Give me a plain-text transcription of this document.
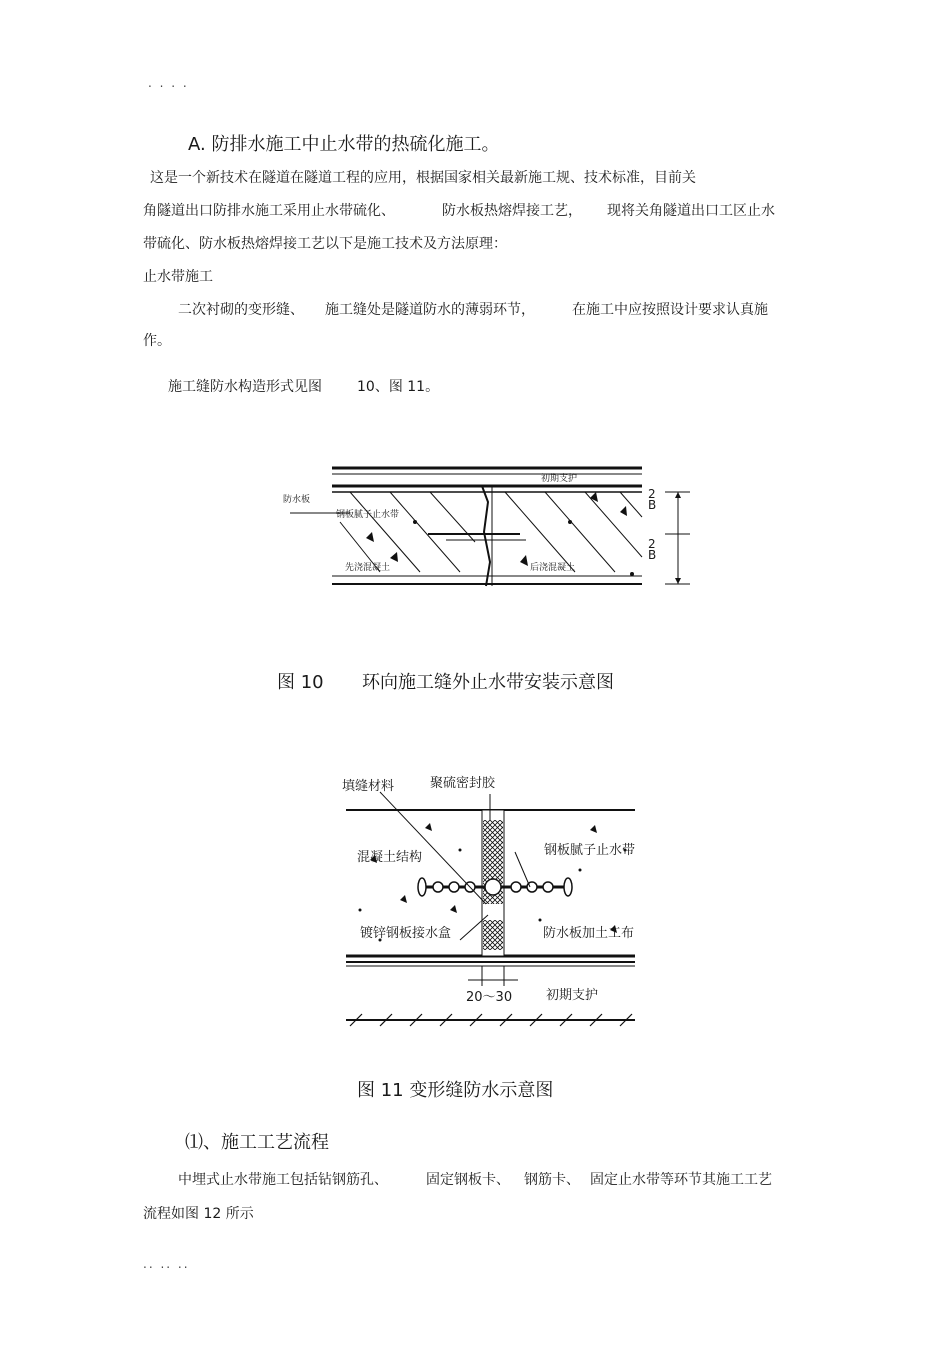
. . . .
A. 防排水施工中止水带的热硫化施工。
这是一个新技术在隧道在隧道工程的应用，根据国家相关最新施工规、技术标准，目前关
角隧道出口防排水施工采用止水带硫化、	防水板热熔焊接工艺， 现将关角隧道出口工区止水
带硫化、防水板热熔焊接工艺以下是施工技术及方法原理：
止水带施工
二次衬砌的变形缝、 施工缝处是隧道防水的薄弱环节，	在施工中应按照设计要求认真施
作。
施工缝防水构造形式见图	10、图 11。
初期支护
防水板
钢板腻子止水带
先浇混凝土	后浇混凝土
2
B
2
B
图 10 环向施工缝外止水带安装示意图
填缝材料	聚硫密封胶
混凝土结构	钢板腻子止水带
镀锌钢板接水盒	防水板加土工布
20～30	初期支护
图 11 变形缝防水示意图
⑴、施工工艺流程
中埋式止水带施工包括钻钢筋孔、	固定钢板卡、 钢筋卡、 固定止水带等环节其施工工艺
流程如图 12 所示
.. .. ..
